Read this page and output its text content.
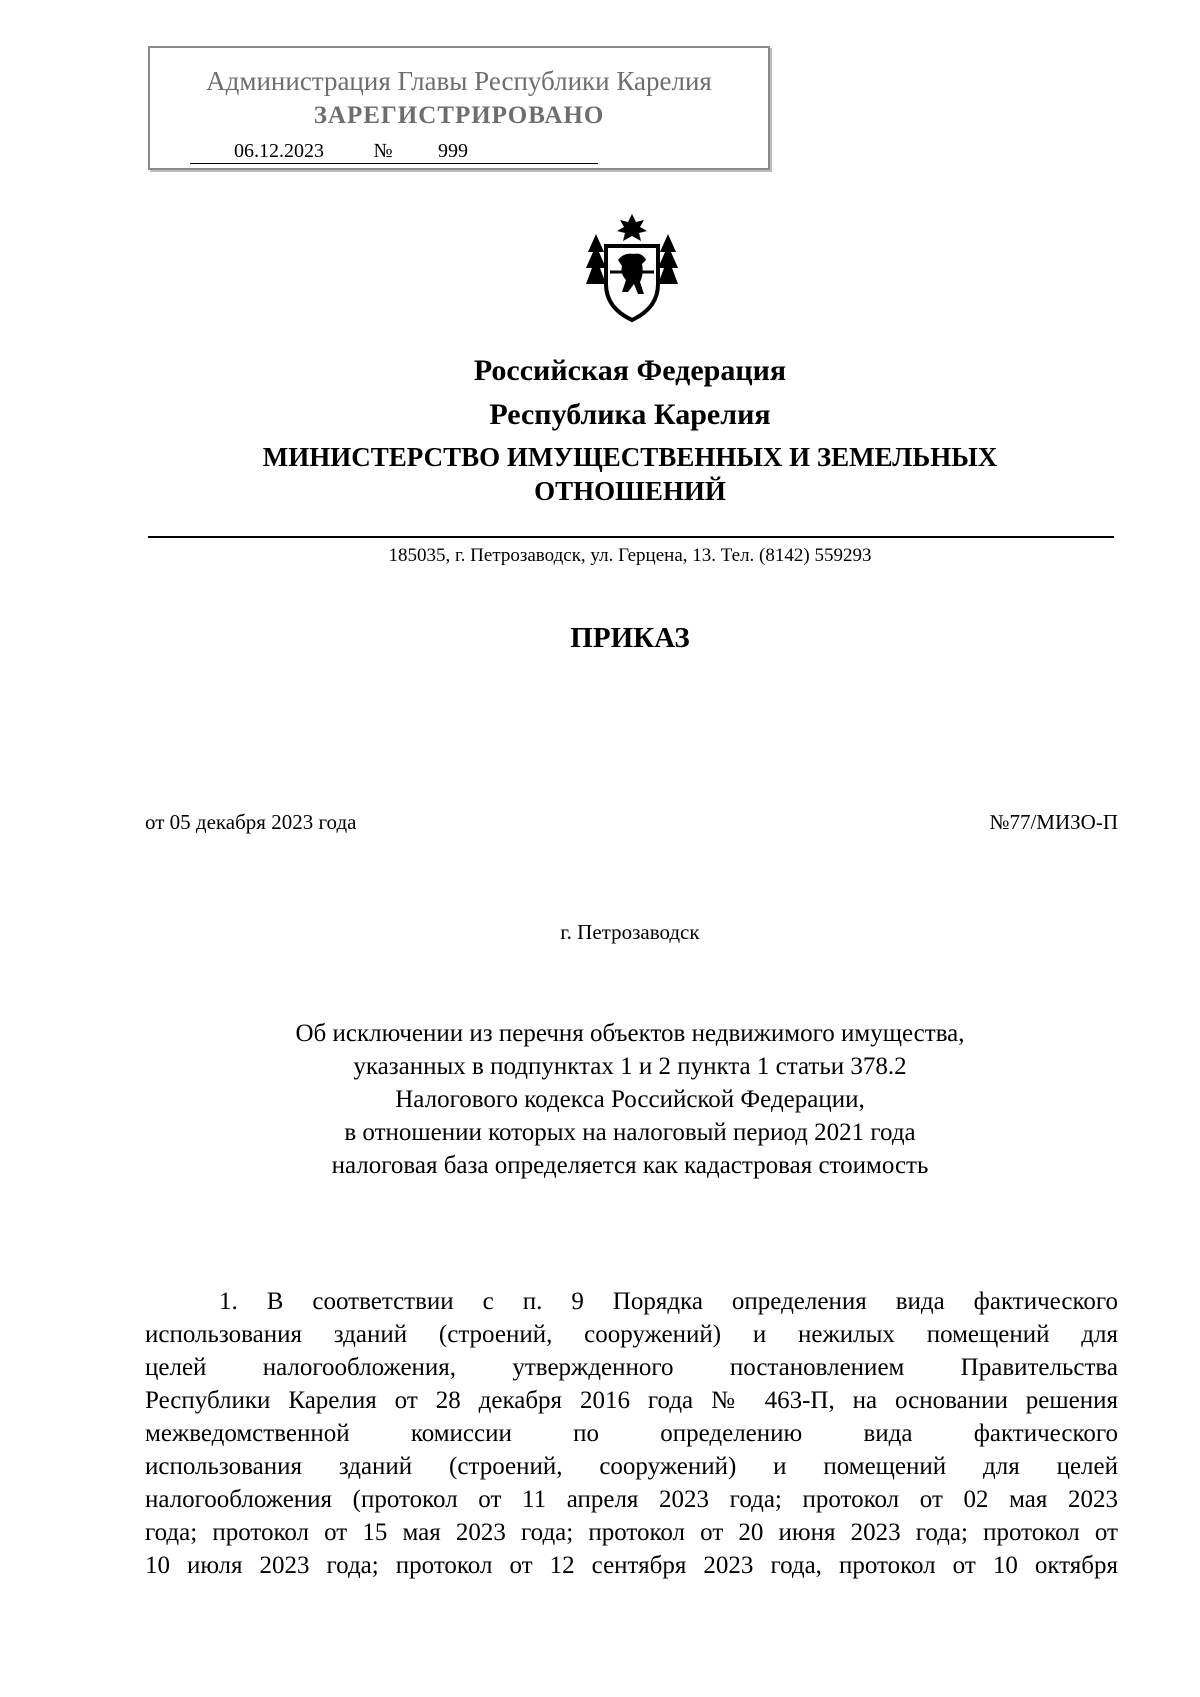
Администрация Главы Республики Карелия
ЗАРЕГИСТРИРОВАНО
06.12.2023	№	999
Российская Федерация
Республика Карелия
МИНИСТЕРСТВО ИМУЩЕСТВЕННЫХ И ЗЕМЕЛЬНЫХ
ОТНОШЕНИЙ
185035, г. Петрозаводск, ул. Герцена, 13. Тел. (8142) 559293
ПРИКАЗ
от 05 декабря 2023 года	№77/МИЗО-П
г. Петрозаводск
Об исключении из перечня объектов недвижимого имущества,
указанных в подпунктах 1 и 2 пункта 1 статьи 378.2
Налогового кодекса Российской Федерации,
в отношении которых на налоговый период 2021 года
налоговая база определяется как кадастровая стоимость
1. В соответствии с п. 9 Порядка определения вида фактического
использования зданий (строений, сооружений) и нежилых помещений для
целей налогообложения, утвержденного постановлением Правительства
Республики Карелия от 28 декабря 2016 года № 463-П, на основании решения
межведомственной комиссии по определению вида фактического
использования зданий (строений, сооружений) и помещений для целей
налогообложения (протокол от 11 апреля 2023 года; протокол от 02 мая 2023
года; протокол от 15 мая 2023 года; протокол от 20 июня 2023 года; протокол от
10 июля 2023 года; протокол от 12 сентября 2023 года, протокол от 10 октября
